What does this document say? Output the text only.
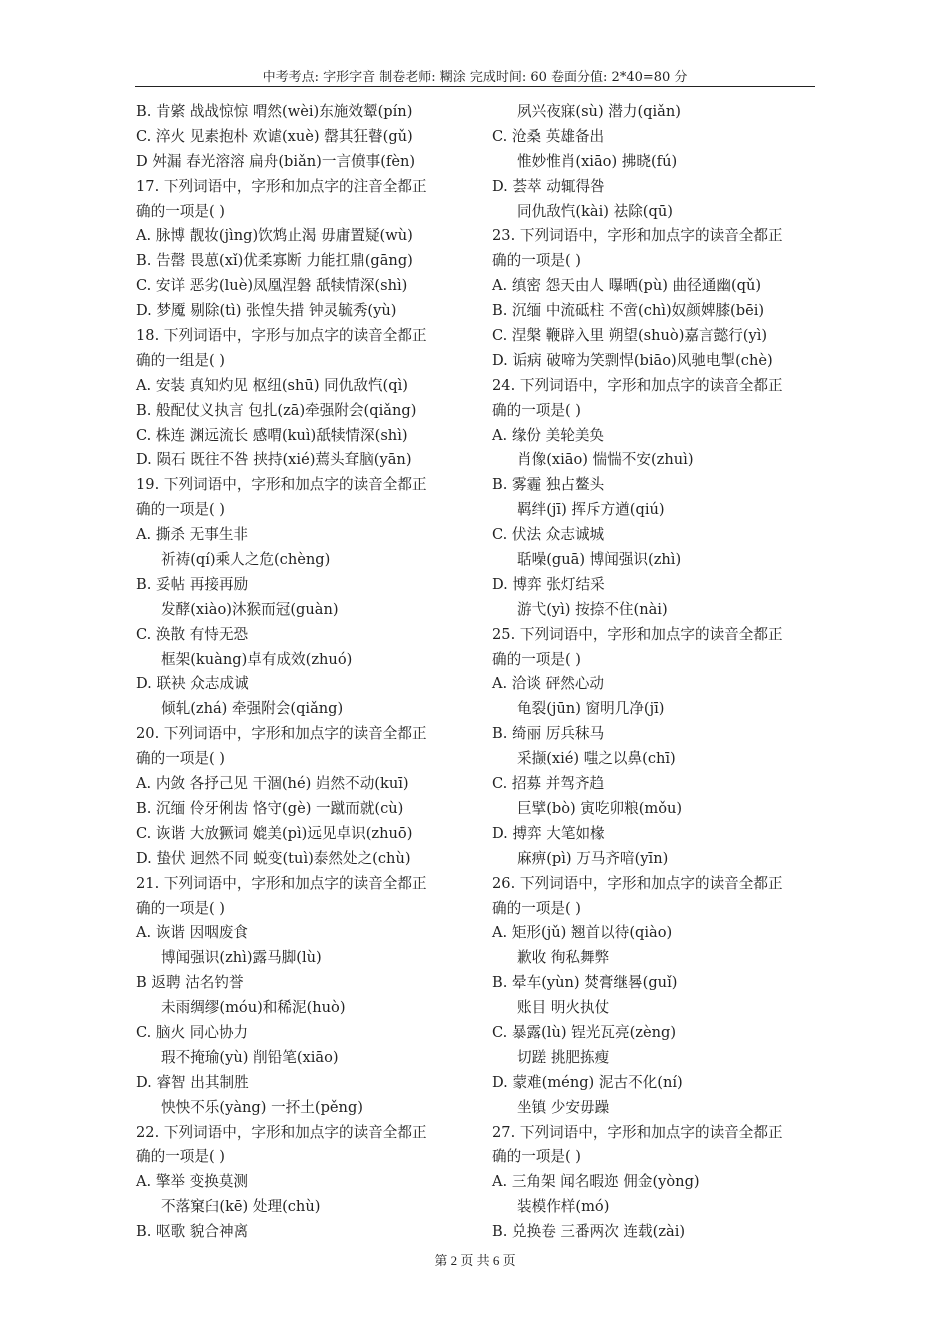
中考考点: 字形字音 制卷老师: 糊涂 完成时间: 60 卷面分值: 2*40=80 分
B. 肯綮 战战惊惊 喟然(wèi)东施效颦(pín)
C. 淬火 见素抱朴 欢谑(xuè) 罄其狂瞽(gǔ)
D 舛漏 春光溶溶 扁舟(biǎn)一言偾事(fèn)
17. 下列词语中，字形和加点字的注音全都正
确的一项是( )
A. 脉博 靓妆(jìng)饮鸩止渴 毋庸置疑(wù)
B. 告罄 畏葸(xǐ)优柔寡断 力能扛鼎(gāng)
C. 安详 恶劣(luè)凤凰涅磐 舐犊情深(shì)
D. 梦魇 剔除(tì) 张惶失措 钟灵毓秀(yù)
18. 下列词语中，字形与加点字的读音全都正
确的一组是( )
A. 安装 真知灼见 枢纽(shū) 同仇敌忾(qì)
B. 般配仗义执言 包扎(zā)牵强附会(qiǎng)
C. 株连 渊远流长 感喟(kuì)舐犊情深(shì)
D. 陨石 既往不咎 挟持(xié)蔫头耷脑(yān)
19. 下列词语中，字形和加点字的读音全都正
确的一项是( )
A. 撕杀 无事生非
祈祷(qí)乘人之危(chèng)
B. 妥帖 再接再励
发酵(xiào)沐猴而冠(guàn)
C. 涣散 有恃无恐
框架(kuàng)卓有成效(zhuó)
D. 联袂 众志成诚
倾轧(zhá) 牵强附会(qiǎng)
20. 下列词语中，字形和加点字的读音全都正
确的一项是( )
A. 内敛 各抒己见 干涸(hé) 岿然不动(kuī)
B. 沉缅 伶牙俐齿 恪守(gè) 一蹴而就(cù)
C. 诙谐 大放獗词 媲美(pì)远见卓识(zhuō)
D. 蛰伏 迥然不同 蜕变(tuì)泰然处之(chù)
21. 下列词语中，字形和加点字的读音全都正
确的一项是( )
A. 诙谐 因咽废食
博闻强识(zhì)露马脚(lù)
B 返聘 沽名钓誉
未雨绸缪(móu)和稀泥(huò)
C. 脑火 同心协力
瑕不掩瑜(yù) 削铅笔(xiāo)
D. 睿智 出其制胜
怏怏不乐(yàng) 一抔土(pěng)
22. 下列词语中，字形和加点字的读音全都正
确的一项是( )
A. 擎举 变换莫测
不落窠臼(kē) 处理(chù)
B. 呕歌 貌合神离
夙兴夜寐(sù) 潜力(qiǎn)
C. 沧桑 英雄备出
惟妙惟肖(xiāo) 拂晓(fú)
D. 荟萃 动辄得咎
同仇敌忾(kài) 祛除(qū)
23. 下列词语中，字形和加点字的读音全都正
确的一项是( )
A. 缜密 怨天由人 曝晒(pù) 曲径通幽(qǔ)
B. 沉缅 中流砥柱 不啻(chì)奴颜婢膝(bēi)
C. 涅槃 鞭辟入里 朔望(shuò)嘉言懿行(yì)
D. 诟病 破啼为笑剽悍(biāo)风驰电掣(chè)
24. 下列词语中，字形和加点字的读音全都正
确的一项是( )
A. 缘份 美轮美奂
肖像(xiāo) 惴惴不安(zhuì)
B. 雾霾 独占鳌头
羁绊(jī) 挥斥方遒(qiú)
C. 伏法 众志诚城
聒噪(guā) 博闻强识(zhì)
D. 博弈 张灯结采
游弋(yì) 按捺不住(nài)
25. 下列词语中，字形和加点字的读音全都正
确的一项是( )
A. 洽谈 砰然心动
龟裂(jūn) 窗明几净(jī)
B. 绮丽 厉兵秣马
采撷(xié) 嗤之以鼻(chī)
C. 招募 并驾齐趋
巨擘(bò) 寅吃卯粮(mǒu)
D. 搏弈 大笔如椽
麻痹(pì) 万马齐喑(yīn)
26. 下列词语中，字形和加点字的读音全都正
确的一项是( )
A. 矩形(jǔ) 翘首以待(qiào)
歉收 徇私舞弊
B. 晕车(yùn) 焚膏继晷(guǐ)
账目 明火执仗
C. 暴露(lù) 锃光瓦亮(zèng)
切蹉 挑肥拣瘦
D. 蒙难(méng) 泥古不化(ní)
坐镇 少安毋躁
27. 下列词语中，字形和加点字的读音全都正
确的一项是( )
A. 三角架 闻名暇迩 佣金(yòng)
装模作样(mó)
B. 兑换卷 三番两次 连载(zài)
第 2 页 共 6 页
